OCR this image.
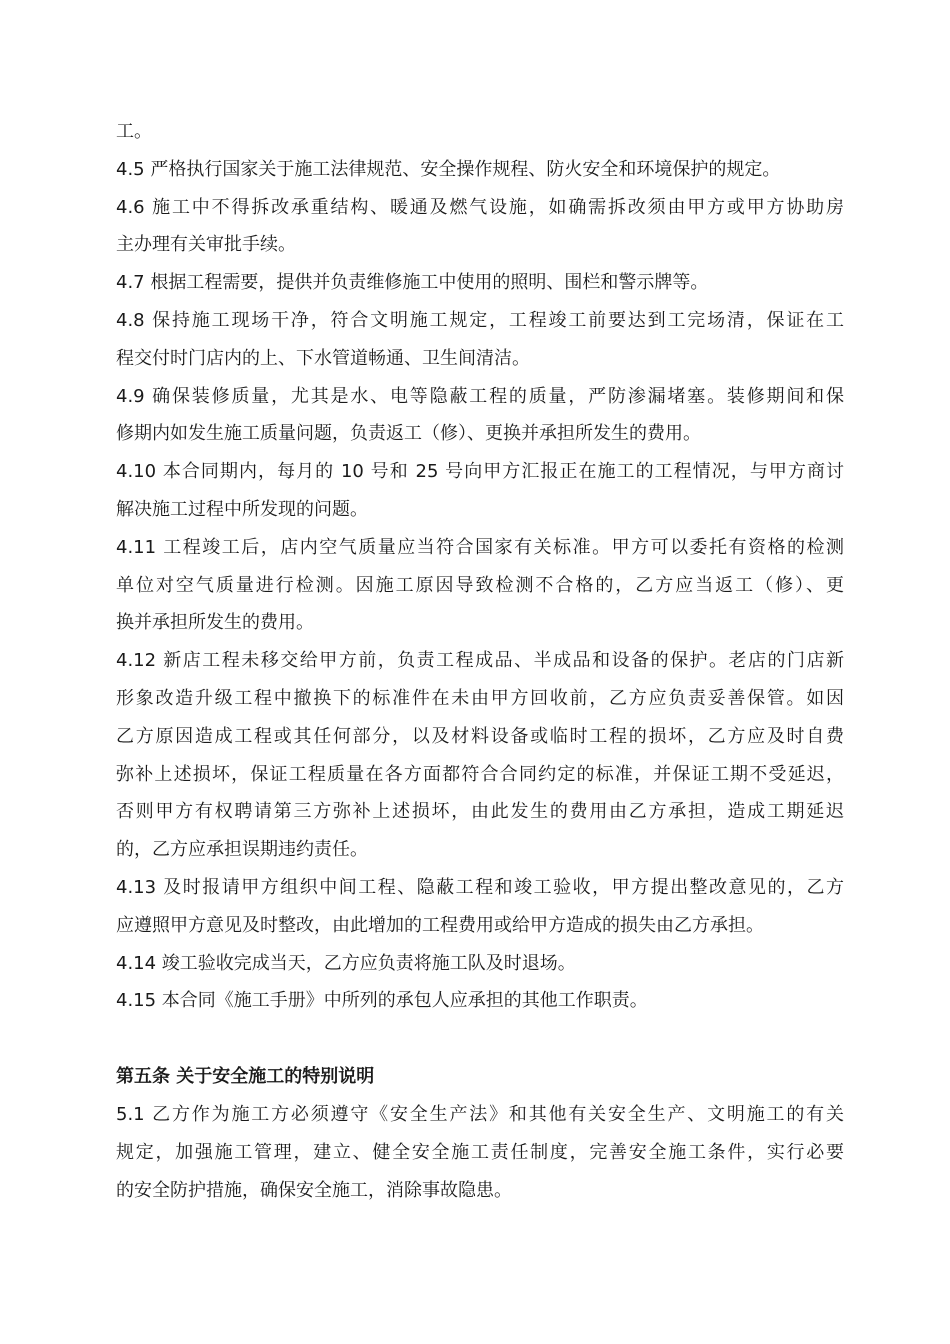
工。
4.5 严格执行国家关于施工法律规范、安全操作规程、防火安全和环境保护的规定。
4.6 施工中不得拆改承重结构、暖通及燃气设施，如确需拆改须由甲方或甲方协助房
主办理有关审批手续。
4.7 根据工程需要，提供并负责维修施工中使用的照明、围栏和警示牌等。
4.8 保持施工现场干净，符合文明施工规定，工程竣工前要达到工完场清，保证在工
程交付时门店内的上、下水管道畅通、卫生间清洁。
4.9 确保装修质量，尤其是水、电等隐蔽工程的质量，严防渗漏堵塞。装修期间和保
修期内如发生施工质量问题，负责返工（修）、更换并承担所发生的费用。
4.10 本合同期内，每月的 10 号和 25 号向甲方汇报正在施工的工程情况，与甲方商讨
解决施工过程中所发现的问题。
4.11 工程竣工后，店内空气质量应当符合国家有关标准。甲方可以委托有资格的检测
单位对空气质量进行检测。因施工原因导致检测不合格的，乙方应当返工（修）、更
换并承担所发生的费用。
4.12 新店工程未移交给甲方前，负责工程成品、半成品和设备的保护。老店的门店新
形象改造升级工程中撤换下的标准件在未由甲方回收前，乙方应负责妥善保管。如因
乙方原因造成工程或其任何部分，以及材料设备或临时工程的损坏，乙方应及时自费
弥补上述损坏，保证工程质量在各方面都符合合同约定的标准，并保证工期不受延迟，
否则甲方有权聘请第三方弥补上述损坏，由此发生的费用由乙方承担，造成工期延迟
的，乙方应承担误期违约责任。
4.13 及时报请甲方组织中间工程、隐蔽工程和竣工验收，甲方提出整改意见的，乙方
应遵照甲方意见及时整改，由此增加的工程费用或给甲方造成的损失由乙方承担。
4.14 竣工验收完成当天，乙方应负责将施工队及时退场。
4.15 本合同《施工手册》中所列的承包人应承担的其他工作职责。
第五条 关于安全施工的特别说明
5.1 乙方作为施工方必须遵守《安全生产法》和其他有关安全生产、文明施工的有关
规定，加强施工管理，建立、健全安全施工责任制度，完善安全施工条件，实行必要
的安全防护措施，确保安全施工，消除事故隐患。
